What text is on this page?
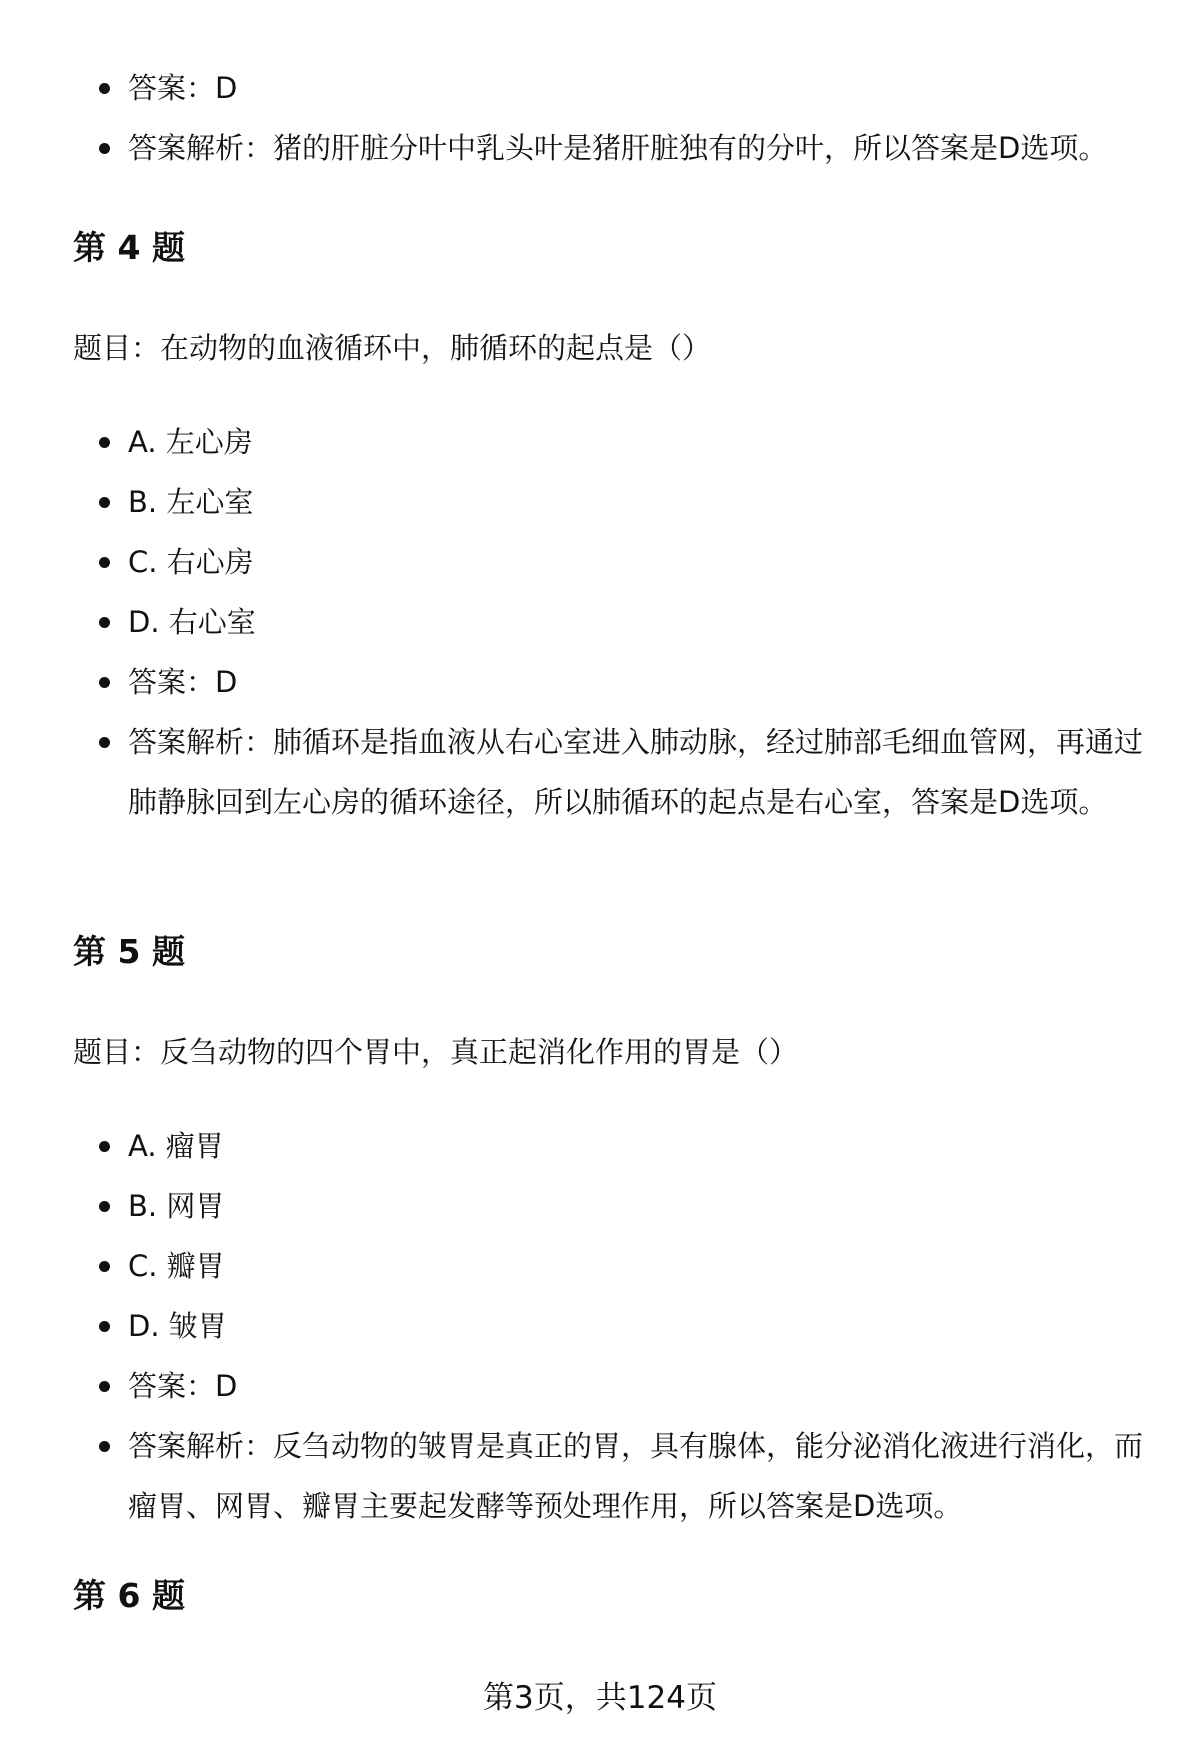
答案：D
答案解析：猪的肝脏分叶中乳头叶是猪肝脏独有的分叶，所以答案是D选项。
第 4 题

题目：在动物的血液循环中，肺循环的起点是（）

A. 左心房
B. 左心室
C. 右心房
D. 右心室
答案：D
答案解析：肺循环是指血液从右心室进入肺动脉，经过肺部毛细血管网，再通过肺静脉回到左心房的循环途径，所以肺循环的起点是右心室，答案是D选项。
第 5 题

题目：反刍动物的四个胃中，真正起消化作用的胃是（）

A. 瘤胃
B. 网胃
C. 瓣胃
D. 皱胃
答案：D
答案解析：反刍动物的皱胃是真正的胃，具有腺体，能分泌消化液进行消化，而瘤胃、网胃、瓣胃主要起发酵等预处理作用，所以答案是D选项。
第 6 题
第3页，共124页
